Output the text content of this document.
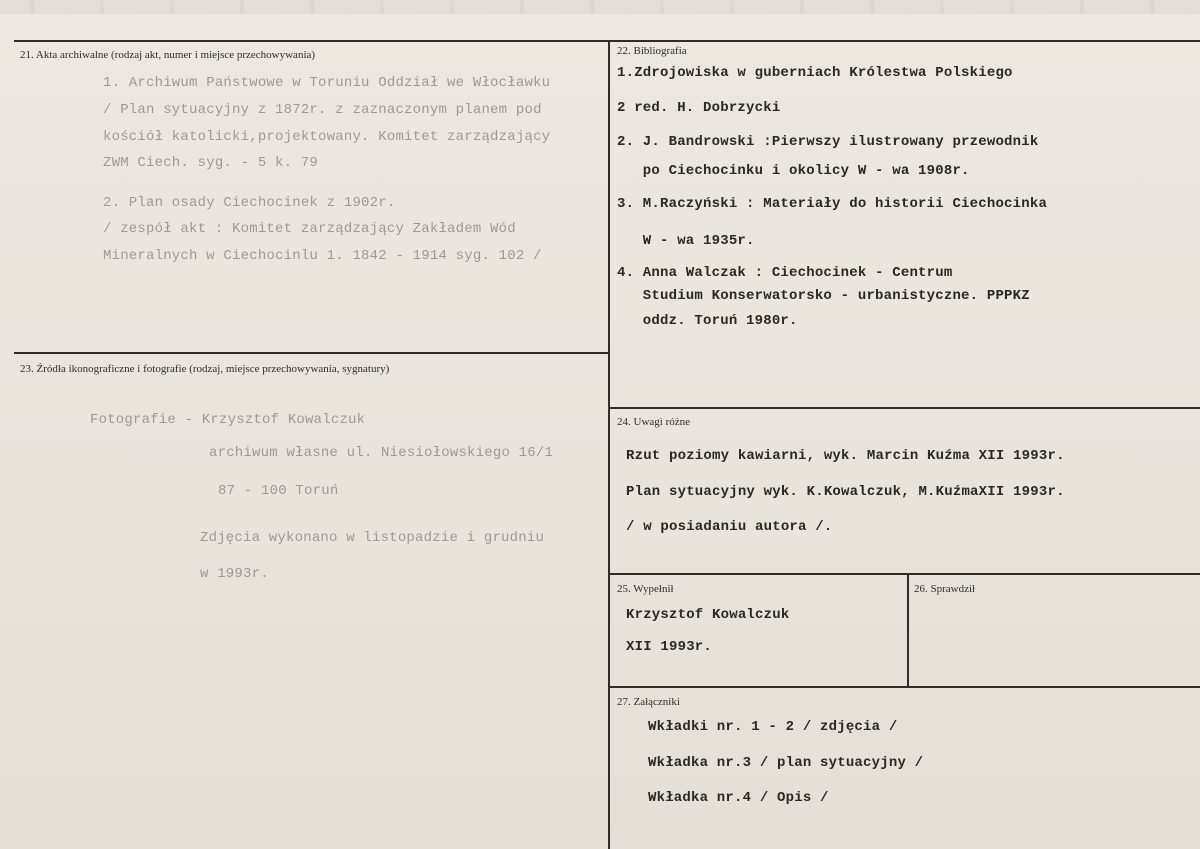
21. Akta archiwalne (rodzaj akt, numer i miejsce przechowywania)
1. Archiwum Państwowe w Toruniu Oddział we Włocławku
/ Plan sytuacyjny z 1872r. z zaznaczonym planem pod
kościół katolicki,projektowany. Komitet zarządzający
ZWM Ciech. syg. - 5 k. 79
2. Plan osady Ciechocinek z 1902r.
/ zespół akt : Komitet zarządzający Zakładem Wód
Mineralnych w Ciechocinlu 1. 1842 - 1914 syg. 102 /
22. Bibliografia
1.Zdrojowiska w guberniach Królestwa Polskiego
2 red. H. Dobrzycki
2. J. Bandrowski :Pierwszy ilustrowany przewodnik
po Ciechocinku i okolicy W - wa 1908r.
3. M.Raczyński : Materiały do historii Ciechocinka
W - wa 1935r.
4. Anna Walczak : Ciechocinek - Centrum
Studium Konserwatorsko - urbanistyczne. PPPKZ
oddz. Toruń 1980r.
23. Źródła ikonograficzne i fotografie (rodzaj, miejsce przechowywania, sygnatury)
Fotografie - Krzysztof Kowalczuk
archiwum własne ul. Niesiołowskiego 16/1
87 - 100 Toruń
Zdjęcia wykonano w listopadzie i grudniu
w 1993r.
24. Uwagi różne
Rzut poziomy kawiarni, wyk. Marcin Kuźma XII 1993r.
Plan sytuacyjny wyk. K.Kowalczuk, M.KuźmaXII 1993r.
/ w posiadaniu autora /.
25. Wypełnił
Krzysztof Kowalczuk
XII 1993r.
26. Sprawdził
27. Załączniki
Wkładki nr. 1 - 2 / zdjęcia /
Wkładka nr.3 / plan sytuacyjny /
Wkładka nr.4 / Opis /
